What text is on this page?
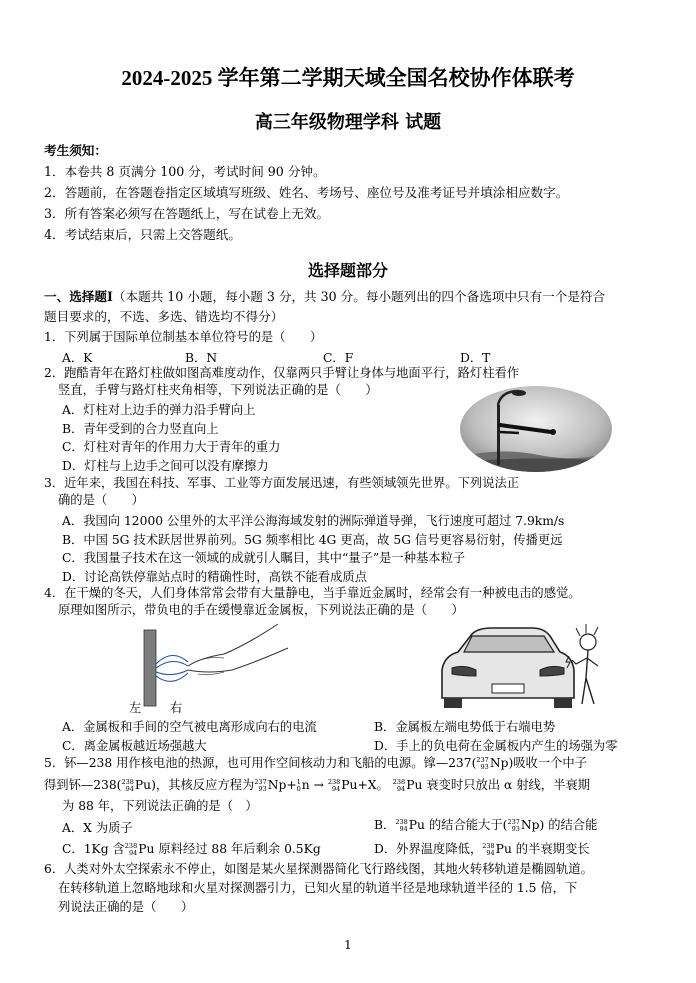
2024-2025 学年第二学期天域全国名校协作体联考
高三年级物理学科 试题
考生须知：
1．本卷共 8 页满分 100 分，考试时间 90 分钟。
2．答题前，在答题卷指定区域填写班级、姓名、考场号、座位号及准考证号并填涂相应数字。
3．所有答案必须写在答题纸上，写在试卷上无效。
4．考试结束后，只需上交答题纸。
选择题部分
一、选择题I（本题共 10 小题，每小题 3 分，共 30 分。每小题列出的四个备选项中只有一个是符合
题目要求的，不选、多选、错选均不得分）
1．下列属于国际单位制基本单位符号的是（　　）
A．K	B．N	C．F	D．T
2．跑酷青年在路灯柱做如图高难度动作，仅靠两只手臂让身体与地面平行，路灯柱看作
竖直，手臂与路灯柱夹角相等，下列说法正确的是（　　）
A．灯柱对上边手的弹力沿手臂向上
B．青年受到的合力竖直向上
C．灯柱对青年的作用力大于青年的重力
D．灯柱与上边手之间可以没有摩擦力
3．近年来，我国在科技、军事、工业等方面发展迅速，有些领域领先世界。下列说法正
确的是（　　）
A．我国向 12000 公里外的太平洋公海海域发射的洲际弹道导弹，飞行速度可超过 7.9km/s
B．中国 5G 技术跃居世界前列。5G 频率相比 4G 更高，故 5G 信号更容易衍射，传播更远
C．我国量子技术在这一领域的成就引人瞩目，其中“量子”是一种基本粒子
D．讨论高铁停靠站点时的精确性时，高铁不能看成质点
4．在干燥的冬天，人们身体常常会带有大量静电，当手靠近金属时，经常会有一种被电击的感觉。
原理如图所示，带负电的手在缓慢靠近金属板，下列说法正确的是（　　）
左 右
A．金属板和手间的空气被电离形成向右的电流	B．金属板左端电势低于右端电势
C．离金属板越近场强越大	D．手上的负电荷在金属板内产生的场强为零
5．钚—238 用作核电池的热源，也可用作空间核动力和飞船的电源。镎—237( 237
93 Np)吸收一个中子
得到钚—238( 238
94 Pu)，其核反应方程为 237
93 Np+ 1
0 n → 238
94 Pu+X。 238
94 Pu 衰变时只放出 α 射线，半衰期
为 88 年，下列说法正确的是（　）
A．X 为质子	B． 238
94 Pu 的结合能大于( 237
93 Np) 的结合能
C．1Kg 含 238
94 Pu 原料经过 88 年后剩余 0.5Kg	D．外界温度降低， 238
94 Pu 的半衰期变长
6．人类对外太空探索永不停止，如图是某火星探测器简化飞行路线图，其地火转移轨道是椭圆轨道。
在转移轨道上忽略地球和火星对探测器引力，已知火星的轨道半径是地球轨道半径的 1.5 倍，下
列说法正确的是（　　）
1
